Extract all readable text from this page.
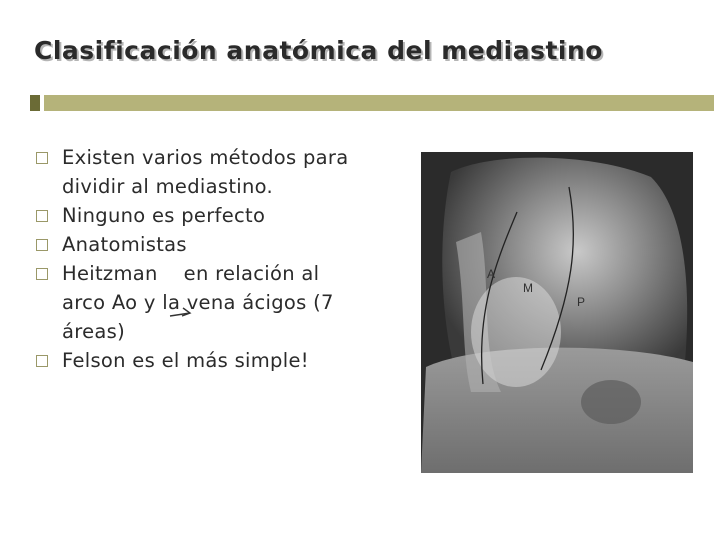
Clasificación anatómica del mediastino
Existen varios métodos para
dividir al mediastino.
Ninguno es perfecto
Anatomistas
Heitzman    en relación al
arco Ao y la vena ácigos (7
áreas)
Felson es el más simple!
A
M
P
